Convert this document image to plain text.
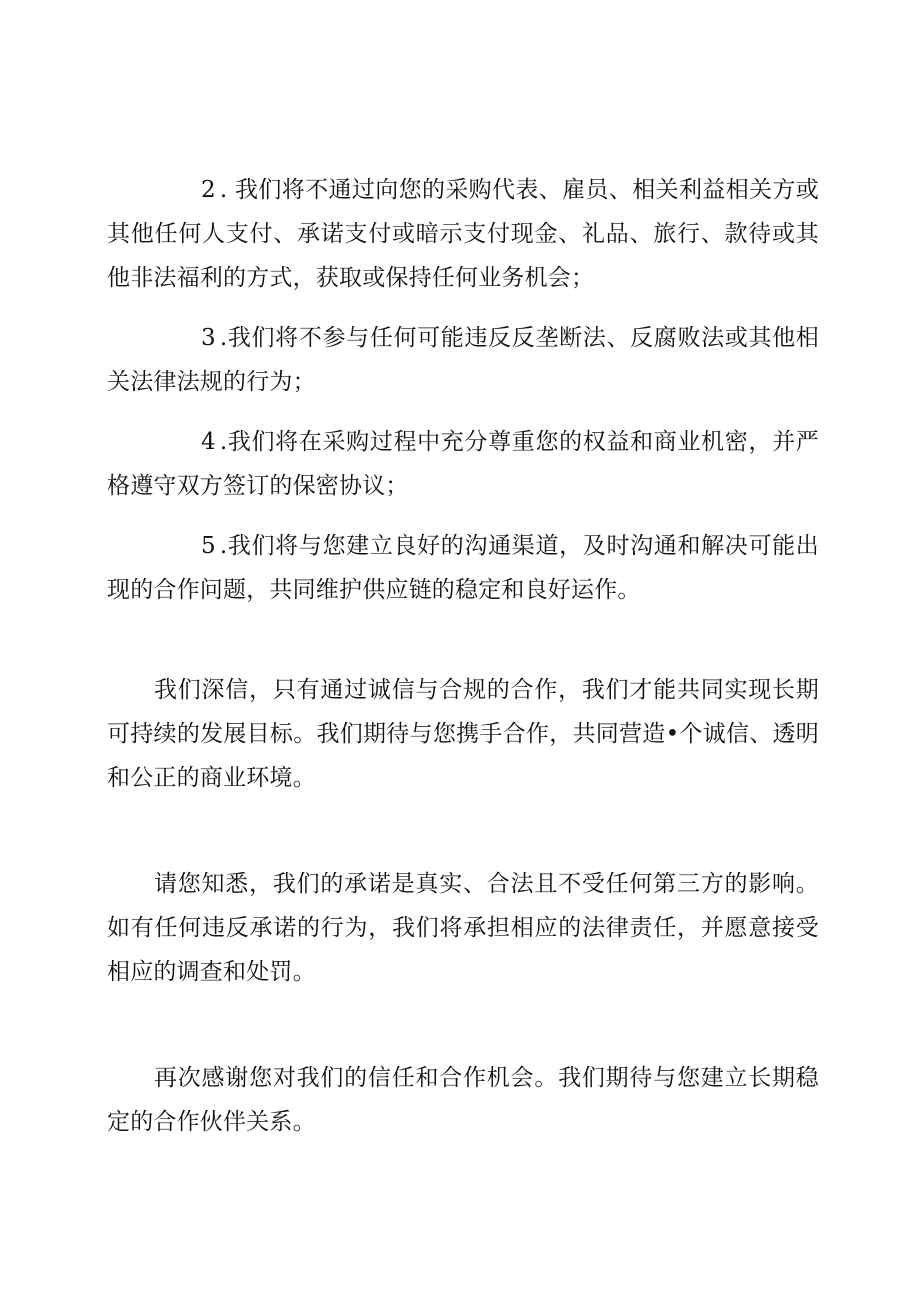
2 . 我们将不通过向您的采购代表、雇员、相关利益相关方或其他任何人支付、承诺支付或暗示支付现金、礼品、旅行、款待或其他非法福利的方式，获取或保持任何业务机会；

3 .我们将不参与任何可能违反反垄断法、反腐败法或其他相关法律法规的行为；

4 .我们将在采购过程中充分尊重您的权益和商业机密，并严格遵守双方签订的保密协议；

5 .我们将与您建立良好的沟通渠道，及时沟通和解决可能出现的合作问题，共同维护供应链的稳定和良好运作。

我们深信，只有通过诚信与合规的合作，我们才能共同实现长期可持续的发展目标。我们期待与您携手合作，共同营造•个诚信、透明和公正的商业环境。

请您知悉，我们的承诺是真实、合法且不受任何第三方的影响。如有任何违反承诺的行为，我们将承担相应的法律责任，并愿意接受相应的调查和处罚。

再次感谢您对我们的信任和合作机会。我们期待与您建立长期稳定的合作伙伴关系。
